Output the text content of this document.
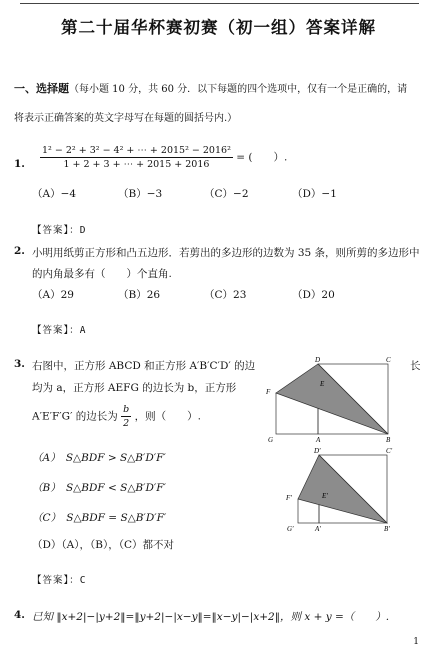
第二十届华杯赛初赛（初一组）答案详解
一、选择题（每小题 10 分，共 60 分．以下每题的四个选项中，仅有一个是正确的，请
将表示正确答案的英文字母写在每题的圆括号内.）
1. $\frac{\text{1² − 2² + 3² − 4² + ⋯ + 2015² − 2016²}}{1 + 2 + 3 + \cdots + 2015 + 2016}$ = (　　）.
（A）−4	（B）−3	（C）−2	（D）−1
【答案】：D
2. 小明用纸剪正方形和凸五边形．若剪出的多边形的边数为 35 条，则所剪的多边形中
的内角最多有（　　）个直角.
（A）29	（B）26	（C）23	（D）20
【答案】：A
3. 右图中，正方形 ABCD 和正方形 A′B′C′D′ 的边	长
均为 a，正方形 AEFG 的边长为 b，正方形
A′E′F′G′ 的边长为 $\frac{b}{2}$ ，则（　　）.
（A）　S△BDF > S△B′D′F′
（B）　S△BDF < S△B′D′F′
（C）　S△BDF = S△B′D′F′
（D）（A），（B），（C）都不对
【答案】：C
D	C
F
E
G	A	B
D′	C′
F′	E′
G′	A′	B′
4. 已知 ‖x+2|−|y+2‖=‖y+2|−|x−y‖=‖x−y|−|x+2‖，则 x + y =（　　）.
1
